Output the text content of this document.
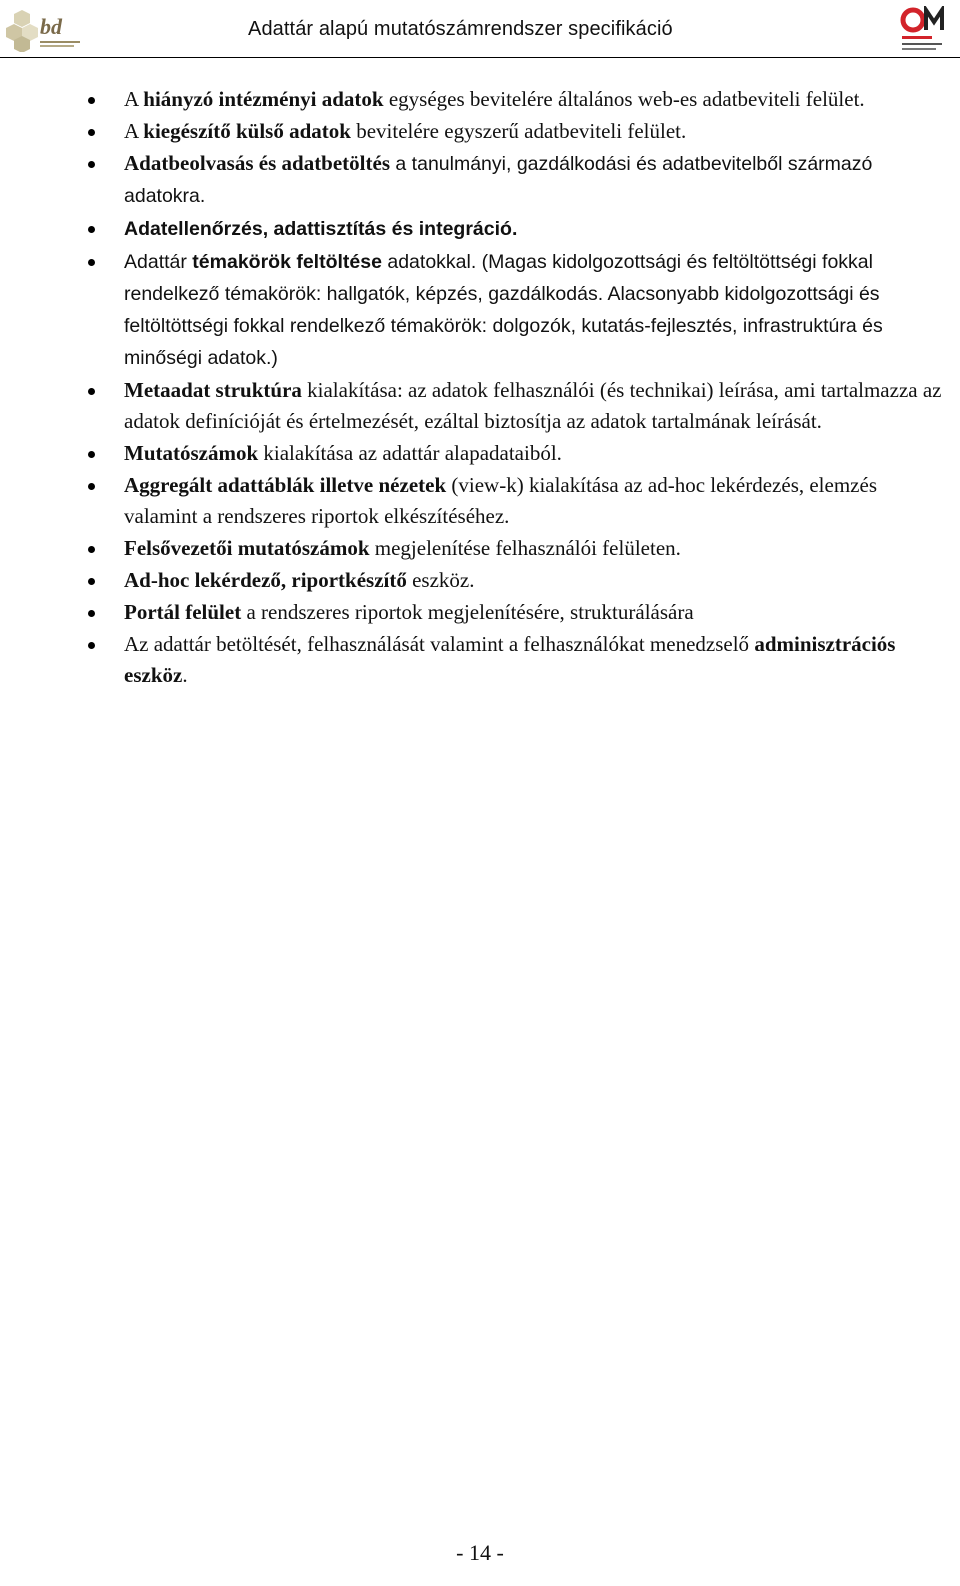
bd	Adattár alapú mutatószámrendszer specifikáció
A hiányzó intézményi adatok egységes bevitelére általános web-es adatbeviteli felület.
A kiegészítő külső adatok bevitelére egyszerű adatbeviteli felület.
Adatbeolvasás és adatbetöltés a tanulmányi, gazdálkodási és adatbevitelből származó adatokra.
Adatellenőrzés, adattisztítás és integráció.
Adattár témakörök feltöltése adatokkal. (Magas kidolgozottsági és feltöltöttségi fokkal rendelkező témakörök: hallgatók, képzés, gazdálkodás. Alacsonyabb kidolgozottsági és feltöltöttségi fokkal rendelkező témakörök: dolgozók, kutatás-fejlesztés, infrastruktúra és minőségi adatok.)
Metaadat struktúra kialakítása: az adatok felhasználói (és technikai) leírása, ami tartalmazza az adatok definícióját és értelmezését, ezáltal biztosítja az adatok tartalmának leírását.
Mutatószámok kialakítása az adattár alapadataiból.
Aggregált adattáblák illetve nézetek (view-k) kialakítása az ad-hoc lekérdezés, elemzés valamint a rendszeres riportok elkészítéséhez.
Felsővezetői mutatószámok megjelenítése felhasználói felületen.
Ad-hoc lekérdező, riportkészítő eszköz.
Portál felület a rendszeres riportok megjelenítésére, strukturálására
Az adattár betöltését, felhasználását valamint a felhasználókat menedzselő adminisztrációs eszköz.
- 14 -
